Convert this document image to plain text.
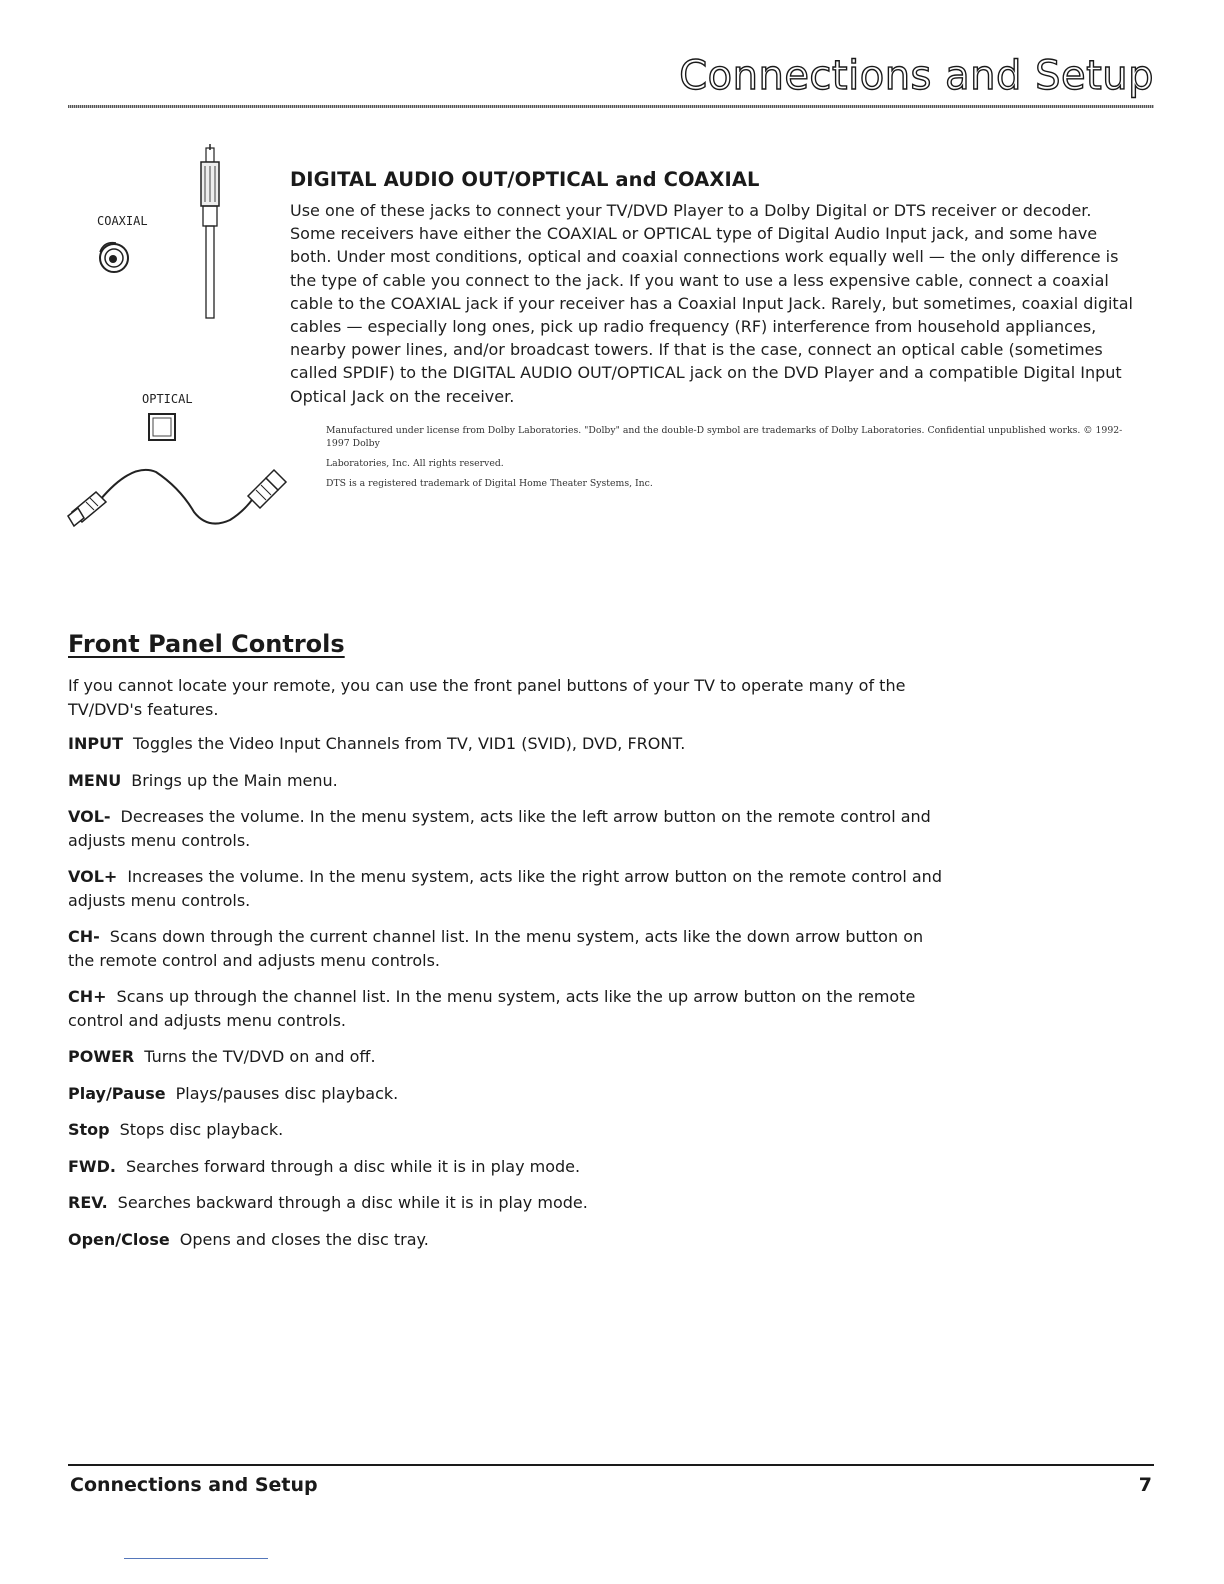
Connections and Setup
COAXIAL
OPTICAL
DIGITAL AUDIO OUT/OPTICAL and COAXIAL

Use one of these jacks to connect your TV/DVD Player to a Dolby Digital or DTS receiver or decoder. Some receivers have either the COAXIAL or OPTICAL type of Digital Audio Input jack, and some have both. Under most conditions, optical and coaxial connections work equally well — the only difference is the type of cable you connect to the jack. If you want to use a less expensive cable, connect a coaxial cable to the COAXIAL jack if your receiver has a Coaxial Input Jack. Rarely, but sometimes, coaxial digital cables — especially long ones, pick up radio frequency (RF) interference from household appliances, nearby power lines, and/or broadcast towers. If that is the case, connect an optical cable (sometimes called SPDIF) to the DIGITAL AUDIO OUT/OPTICAL jack on the DVD Player and a compatible Digital Input Optical Jack on the receiver.

Manufactured under license from Dolby Laboratories. "Dolby" and the double-D symbol are trademarks of Dolby Laboratories. Confidential unpublished works. © 1992-1997 Dolby

Laboratories, Inc. All rights reserved.

DTS is a registered trademark of Digital Home Theater Systems, Inc.

Front Panel Controls

If you cannot locate your remote, you can use the front panel buttons of your TV to operate many of the TV/DVD's features.

INPUT Toggles the Video Input Channels from TV, VID1 (SVID), DVD, FRONT.

MENU Brings up the Main menu.

VOL- Decreases the volume. In the menu system, acts like the left arrow button on the remote control and adjusts menu controls.

VOL+ Increases the volume. In the menu system, acts like the right arrow button on the remote control and adjusts menu controls.

CH- Scans down through the current channel list. In the menu system, acts like the down arrow button on the remote control and adjusts menu controls.

CH+ Scans up through the channel list. In the menu system, acts like the up arrow button on the remote control and adjusts menu controls.

POWER Turns the TV/DVD on and off.

Play/Pause Plays/pauses disc playback.

Stop Stops disc playback.

FWD. Searches forward through a disc while it is in play mode.

REV. Searches backward through a disc while it is in play mode.

Open/Close Opens and closes the disc tray.

Connections and Setup	7
